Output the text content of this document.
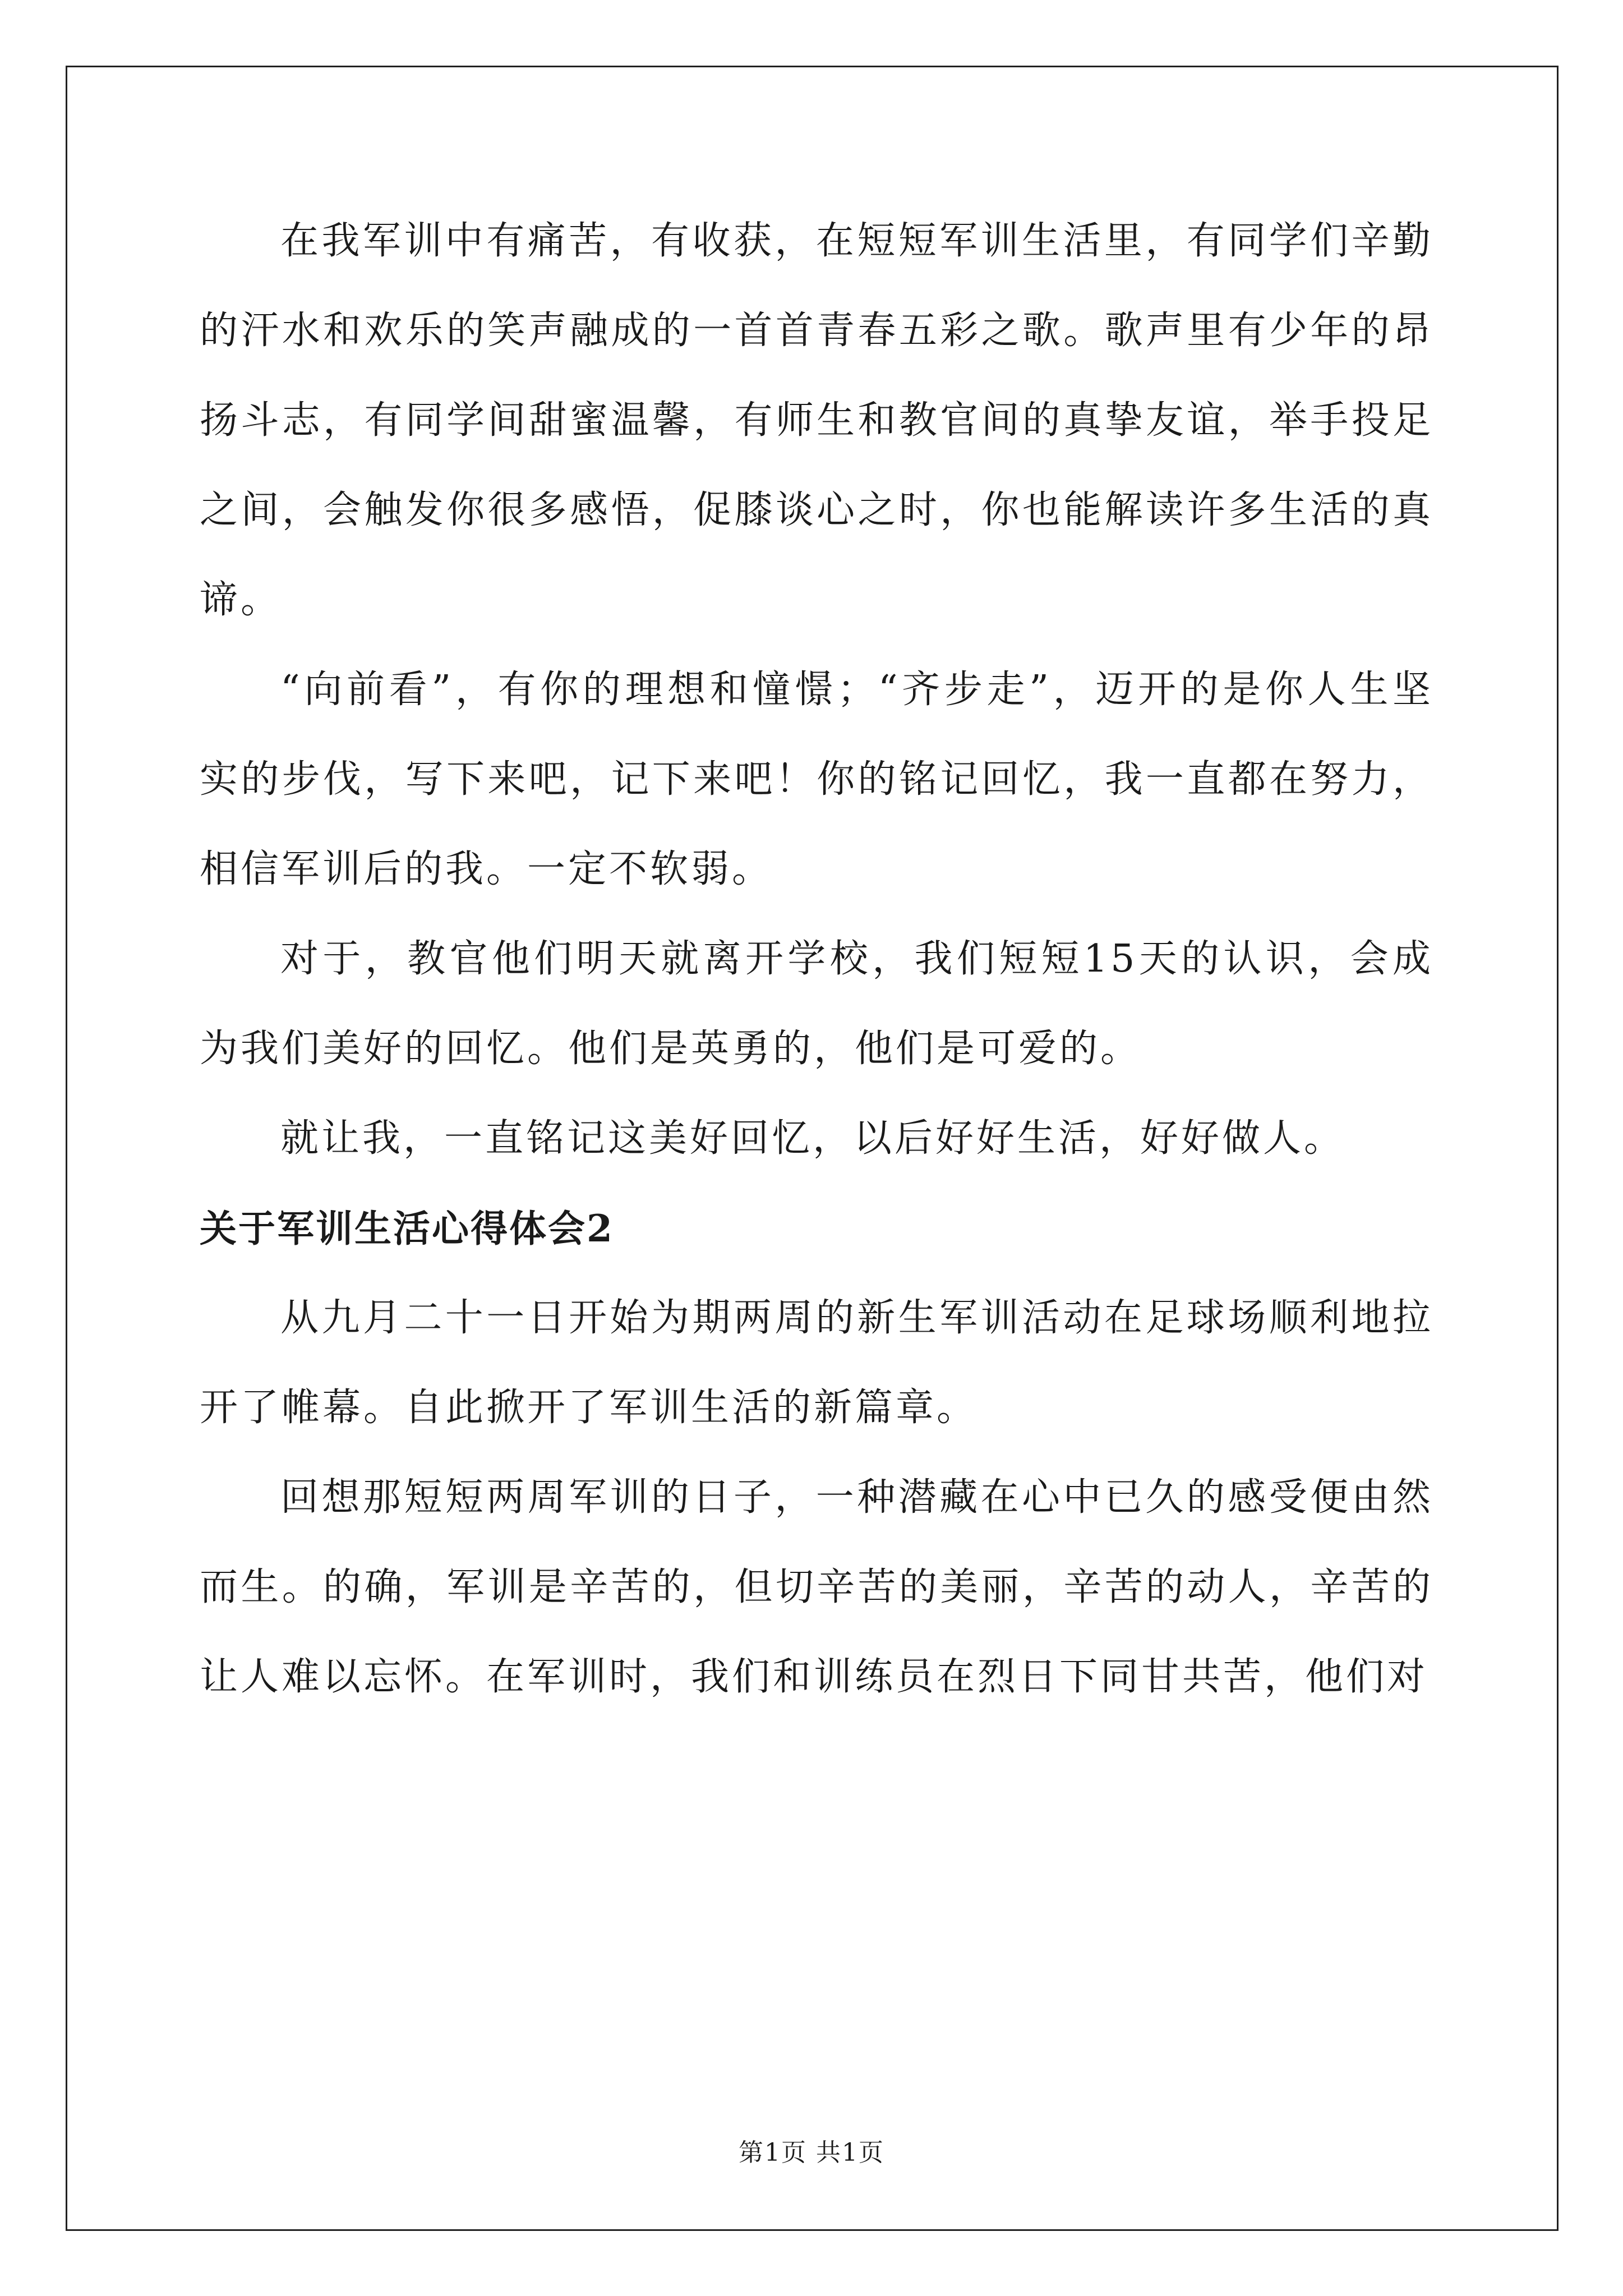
在我军训中有痛苦，有收获，在短短军训生活里，有同学们辛勤的汗水和欢乐的笑声融成的一首首青春五彩之歌。歌声里有少年的昂扬斗志，有同学间甜蜜温馨，有师生和教官间的真挚友谊，举手投足之间，会触发你很多感悟，促膝谈心之时，你也能解读许多生活的真谛。

“向前看”，有你的理想和憧憬；“齐步走”，迈开的是你人生坚实的步伐，写下来吧，记下来吧！你的铭记回忆，我一直都在努力，相信军训后的我。一定不软弱。

对于，教官他们明天就离开学校，我们短短15天的认识，会成为我们美好的回忆。他们是英勇的，他们是可爱的。

就让我，一直铭记这美好回忆，以后好好生活，好好做人。

关于军训生活心得体会2

从九月二十一日开始为期两周的新生军训活动在足球场顺利地拉开了帷幕。自此掀开了军训生活的新篇章。

回想那短短两周军训的日子，一种潜藏在心中已久的感受便由然而生。的确，军训是辛苦的，但切辛苦的美丽，辛苦的动人，辛苦的让人难以忘怀。在军训时，我们和训练员在烈日下同甘共苦，他们对

第1页 共1页
